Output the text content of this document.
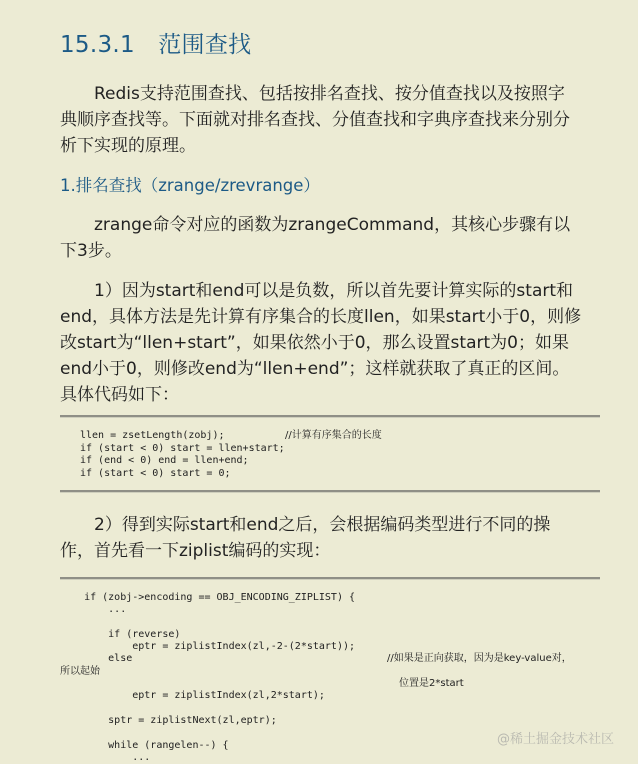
15.3.1　范围查找
　　Redis支持范围查找、包括按排名查找、按分值查找以及按照字
典顺序查找等。下面就对排名查找、分值查找和字典序查找来分别分
析下实现的原理。
1.排名查找（zrange/zrevrange）
　　zrange命令对应的函数为zrangeCommand，其核心步骤有以
下3步。
　　1）因为start和end可以是负数，所以首先要计算实际的start和
end，具体方法是先计算有序集合的长度llen，如果start小于0，则修
改start为“llen+start”，如果依然小于0，那么设置start为0；如果
end小于0，则修改end为“llen+end”；这样就获取了真正的区间。
具体代码如下：
llen = zsetLength(zobj);	//计算有序集合的长度
if (start < 0) start = llen+start;
if (end < 0) end = llen+end;
if (start < 0) start = 0;
　　2）得到实际start和end之后，会根据编码类型进行不同的操
作，首先看一下ziplist编码的实现：
if (zobj->encoding == OBJ_ENCODING_ZIPLIST) {
...
if (reverse)
eptr = ziplistIndex(zl,-2-(2*start));
else	//如果是正向获取，因为是key-value对，
所以起始
位置是2*start
eptr = ziplistIndex(zl,2*start);
sptr = ziplistNext(zl,eptr);
while (rangelen--) {
...
@稀土掘金技术社区
